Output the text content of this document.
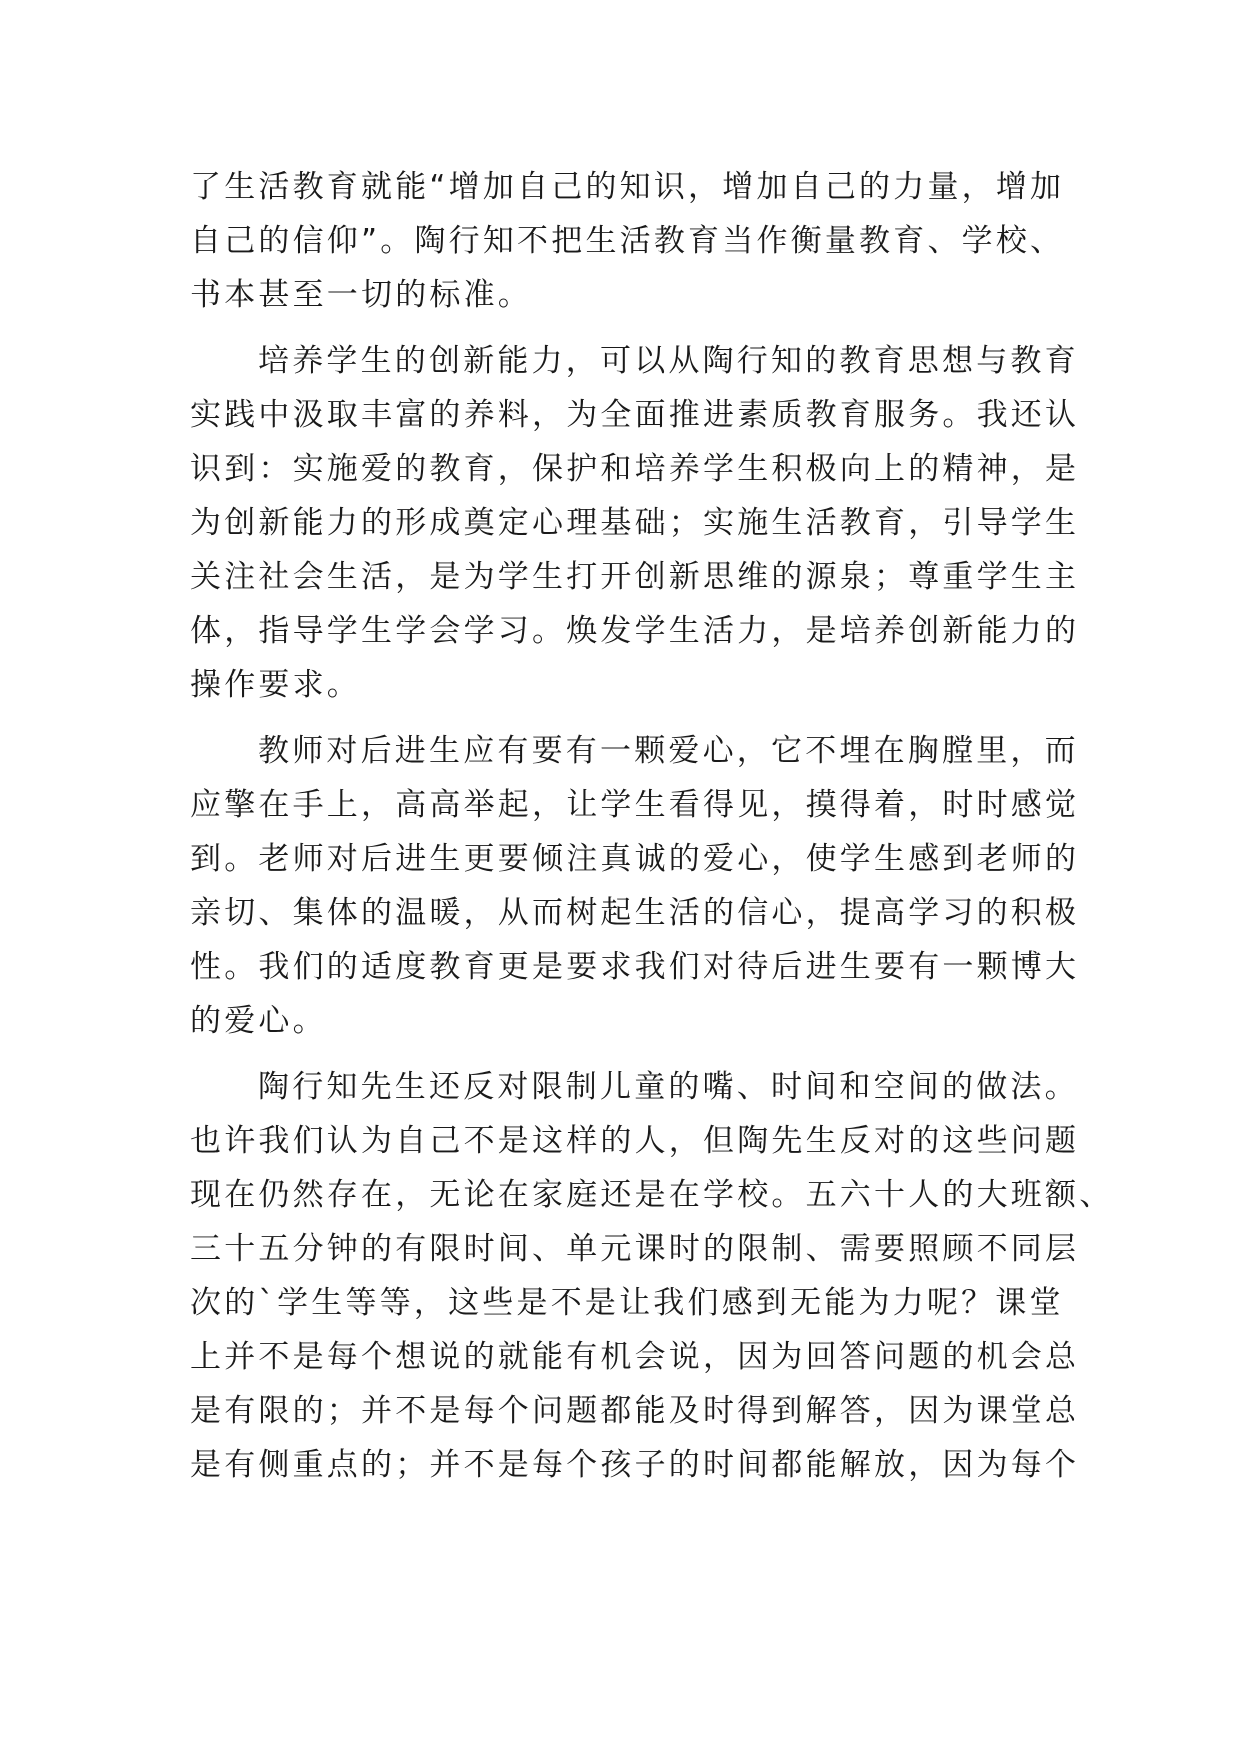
了生活教育就能“增加自己的知识，增加自己的力量，增加
自己的信仰”。陶行知不把生活教育当作衡量教育、学校、
书本甚至一切的标准。
培养学生的创新能力，可以从陶行知的教育思想与教育
实践中汲取丰富的养料，为全面推进素质教育服务。我还认
识到：实施爱的教育，保护和培养学生积极向上的精神，是
为创新能力的形成奠定心理基础；实施生活教育，引导学生
关注社会生活，是为学生打开创新思维的源泉；尊重学生主
体，指导学生学会学习。焕发学生活力，是培养创新能力的
操作要求。
教师对后进生应有要有一颗爱心，它不埋在胸膛里，而
应擎在手上，高高举起，让学生看得见，摸得着，时时感觉
到。老师对后进生更要倾注真诚的爱心，使学生感到老师的
亲切、集体的温暖，从而树起生活的信心，提高学习的积极
性。我们的适度教育更是要求我们对待后进生要有一颗博大
的爱心。
陶行知先生还反对限制儿童的嘴、时间和空间的做法。
也许我们认为自己不是这样的人，但陶先生反对的这些问题
现在仍然存在，无论在家庭还是在学校。五六十人的大班额、
三十五分钟的有限时间、单元课时的限制、需要照顾不同层
次的`学生等等，这些是不是让我们感到无能为力呢？课堂
上并不是每个想说的就能有机会说，因为回答问题的机会总
是有限的；并不是每个问题都能及时得到解答，因为课堂总
是有侧重点的；并不是每个孩子的时间都能解放，因为每个
